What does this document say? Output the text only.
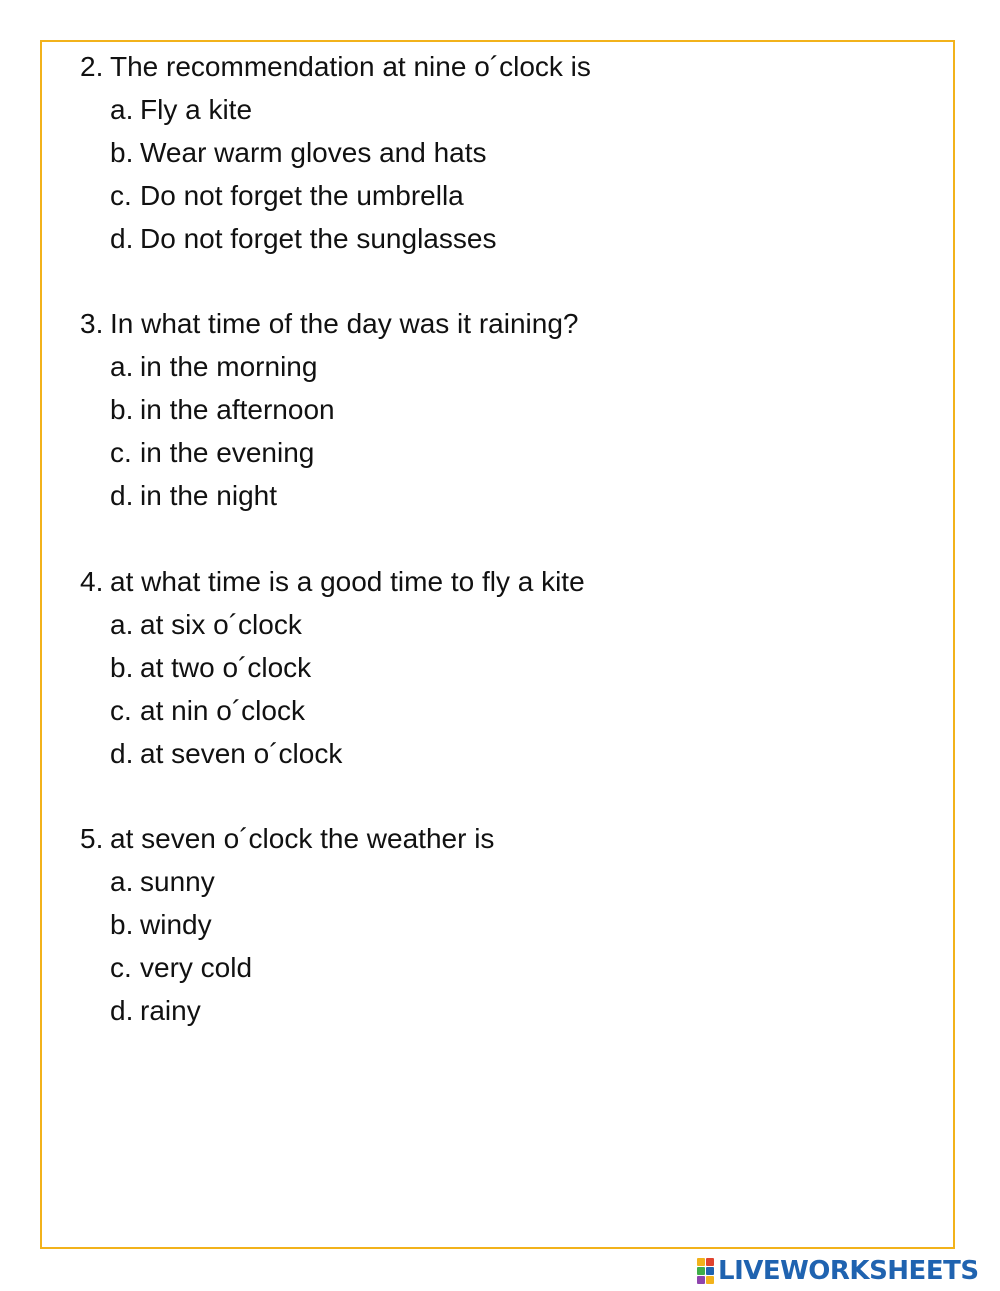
2. The recommendation at nine o´clock is
a. Fly a kite
b. Wear warm gloves and hats
c. Do not forget the umbrella
d. Do not forget the sunglasses
3. In what time of the day was it raining?
a. in the morning
b. in the afternoon
c. in the evening
d. in the night
4. at what time is a good time to fly a kite
a. at six o´clock
b. at two o´clock
c. at nin o´clock
d. at seven o´clock
5. at seven o´clock the weather is
a. sunny
b. windy
c. very cold
d. rainy
LIVEWORKSHEETS
